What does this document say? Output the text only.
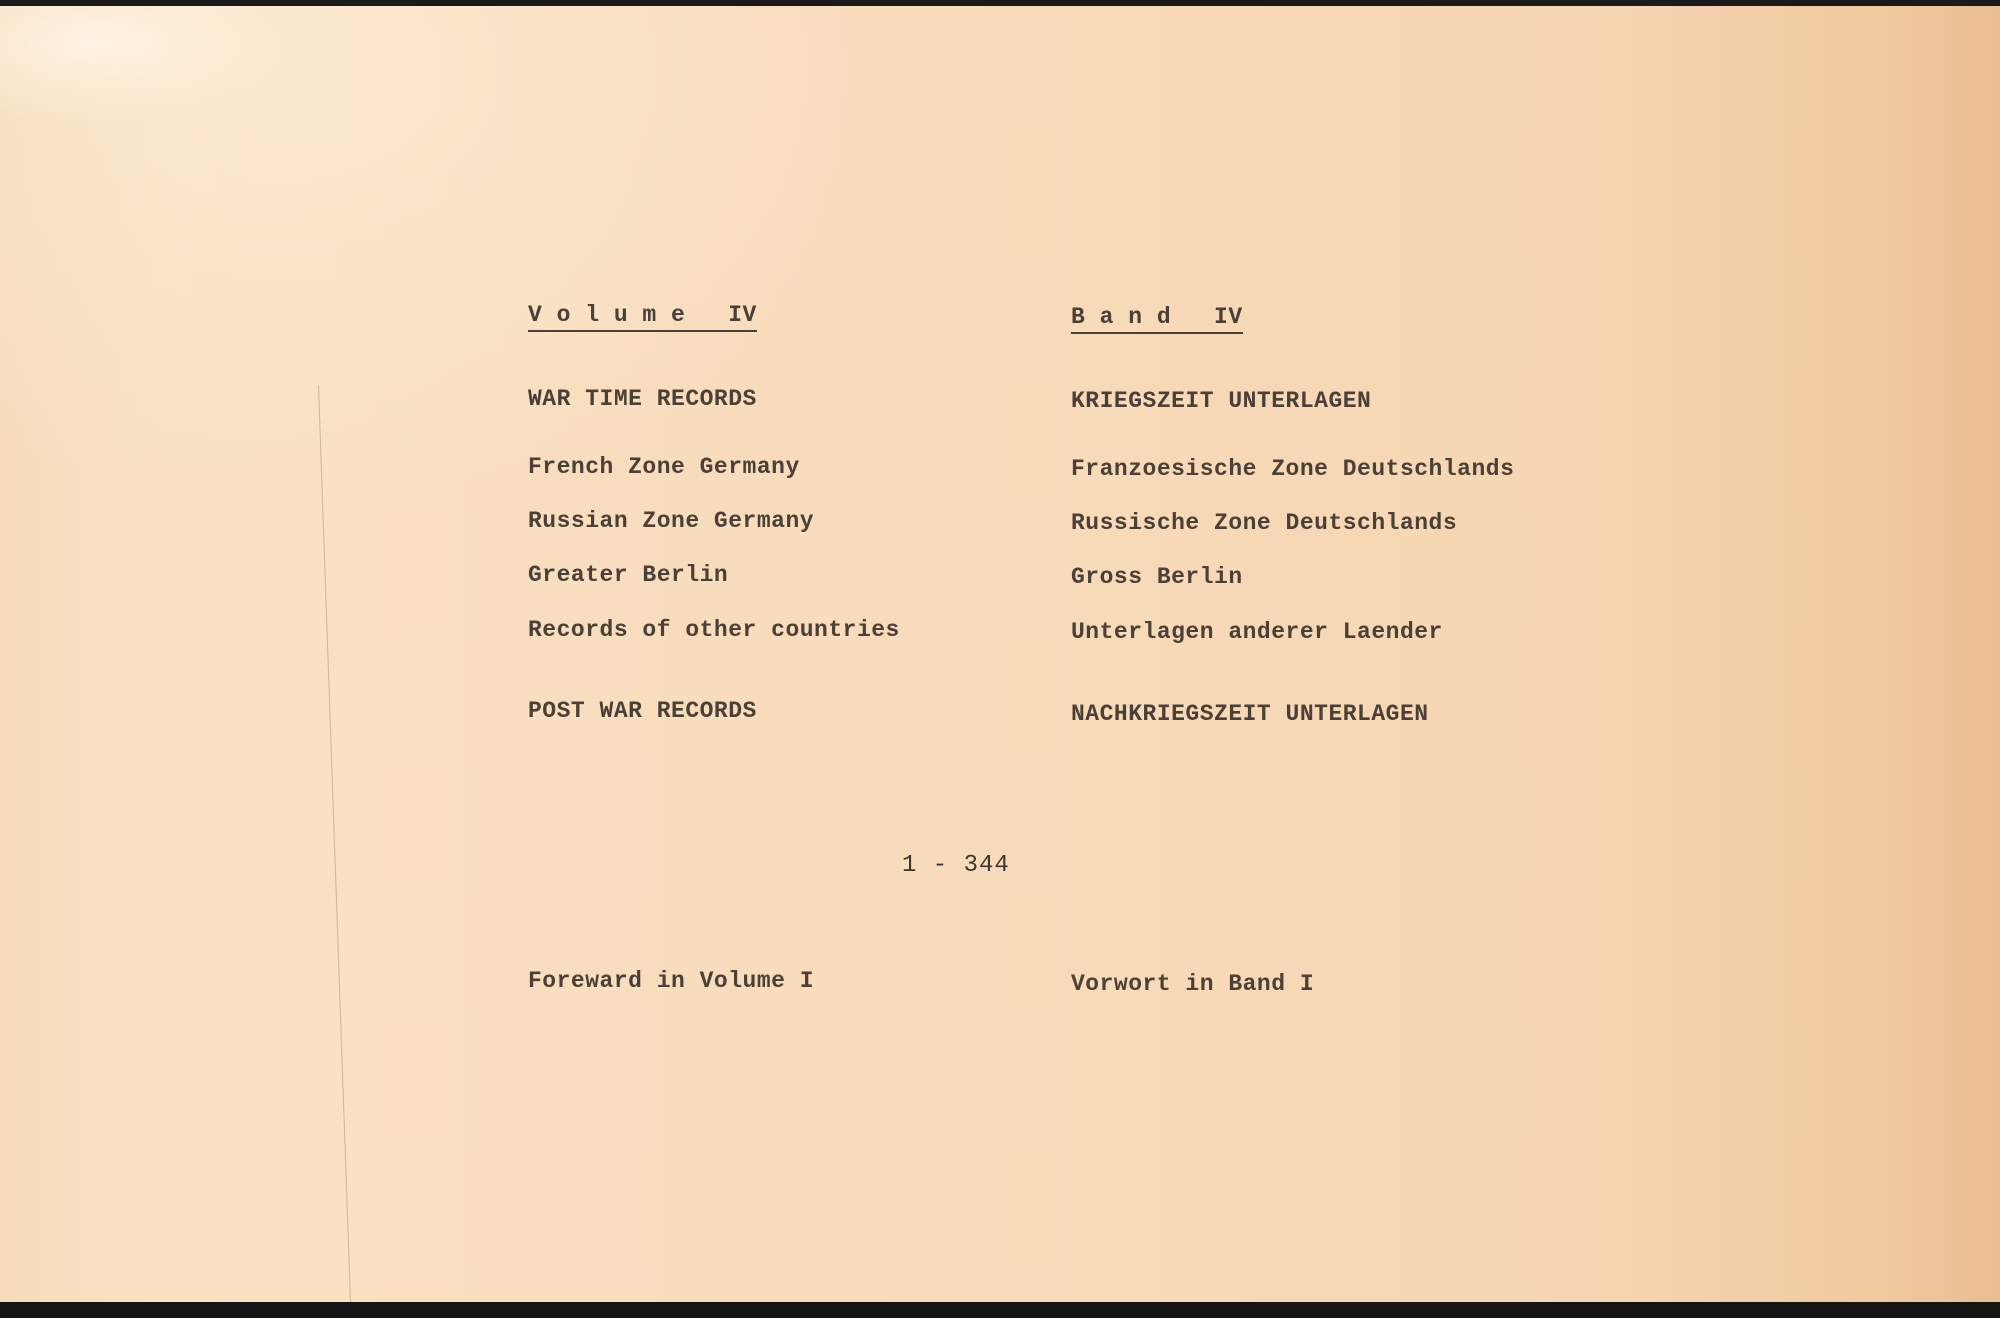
V o l u m e   IV
WAR TIME RECORDS
French Zone Germany
Russian Zone Germany
Greater Berlin
Records of other countries
POST WAR RECORDS
Foreward in Volume I
B a n d   IV
KRIEGSZEIT UNTERLAGEN
Franzoesische Zone Deutschlands
Russische Zone Deutschlands
Gross Berlin
Unterlagen anderer Laender
NACHKRIEGSZEIT UNTERLAGEN
Vorwort in Band I
1 - 344
